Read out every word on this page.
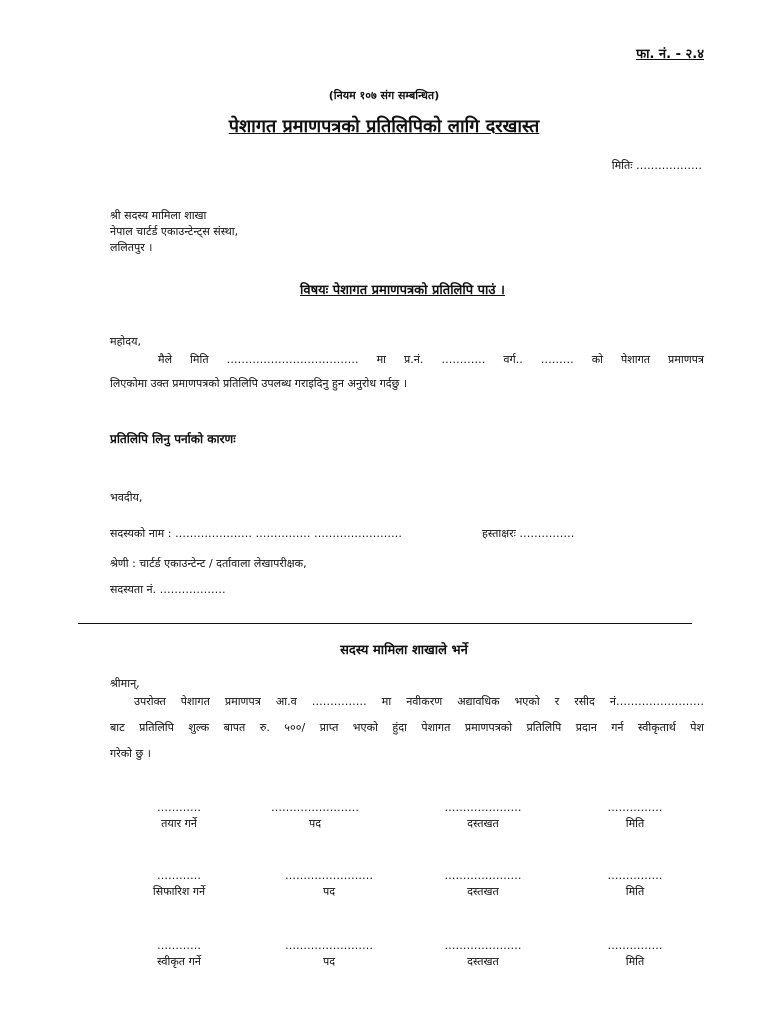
फा. नं. - २.४
(नियम १०७ संग सम्बन्धित)
पेशागत प्रमाणपत्रको प्रतिलिपिको लागि दरखास्त
मितिः ………………
श्री सदस्य मामिला शाखा
नेपाल चार्टर्ड एकाउन्टेन्ट्स संस्था,
ललितपुर ।
विषयः पेशागत प्रमाणपत्रको प्रतिलिपि पाउं ।
महोदय,
मैले मिति ……………………………… मा प्र.नं. ………… वर्ग.. ……… को पेशागत प्रमाणपत्र
लिएकोमा उक्त प्रमाणपत्रको प्रतिलिपि उपलब्ध गराइदिनु हुन अनुरोध गर्दछु ।
प्रतिलिपि लिनु पर्नाको कारणः
भवदीय,
सदस्यको नाम : ………………… …………… ……………………	हस्ताक्षरः ……………
श्रेणी : चार्टर्ड एकाउन्टेन्ट / दर्तावाला लेखापरीक्षक,
सदस्यता नं. ………………
सदस्य मामिला शाखाले भर्ने
श्रीमान्,
उपरोक्त पेशागत प्रमाणपत्र आ.व …………… मा नवीकरण अद्यावधिक भएको र रसीद नं……………………
बाट प्रतिलिपि शुल्क बापत रु. ५००/ प्राप्त भएको हुंदा पेशागत प्रमाणपत्रको प्रतिलिपि प्रदान गर्न स्वीकृतार्थ पेश
गरेको छु ।
…………
तयार गर्ने
……………………
पद
…………………
दस्तखत
……………
मिति
…………
सिफारिश गर्ने
……………………
पद
…………………
दस्तखत
……………
मिति
…………
स्वीकृत गर्ने
……………………
पद
…………………
दस्तखत
……………
मिति
